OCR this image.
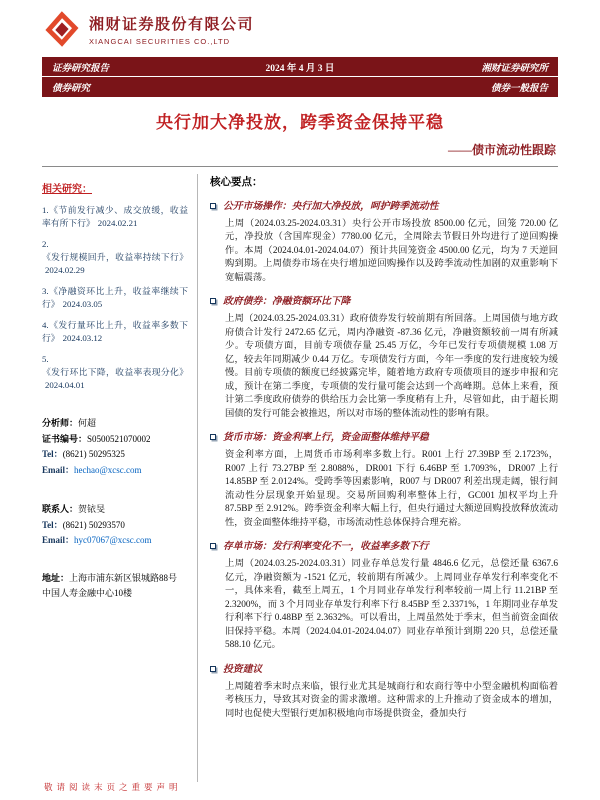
湘财证券股份有限公司
XIANGCAI SECURITIES CO.,LTD
证券研究报告	2024 年 4 月 3 日	湘财证券研究所
债券研究	债券一般报告
央行加大净投放，跨季资金保持平稳
——债市流动性跟踪
相关研究：
1.《节前发行减少、成交放缓，收益率有所下行》 2024.02.21
2.《发行规模回升，收益率持续下行》2024.02.29
3.《净融资环比上升，收益率继续下行》 2024.03.05
4.《发行量环比上升，收益率多数下行》 2024.03.12
5.《发行环比下降，收益率表现分化》2024.04.01
分析师：何超
证书编号：S0500521070002
Tel：(8621) 50295325
Email：hechao@xcsc.com
联系人：贺铱旻
Tel：(8621) 50293570
Email：hyc07067@xcsc.com
地址：上海市浦东新区银城路88号
中国人寿金融中心10楼
核心要点：
公开市场操作：央行加大净投放，呵护跨季流动性

上周（2024.03.25-2024.03.31）央行公开市场投放 8500.00 亿元，回笼 720.00 亿元，净投放（含国库现金）7780.00 亿元，全周除去节假日外均进行了逆回购操作。本周（2024.04.01-2024.04.07）预计共回笼资金 4500.00 亿元，均为 7 天逆回购到期。上周债券市场在央行增加逆回购操作以及跨季流动性加剧的双重影响下宽幅震荡。

政府债券：净融资额环比下降

上周（2024.03.25-2024.03.31）政府债券发行较前期有所回落。上周国债与地方政府债合计发行 2472.65 亿元，周内净融资 -87.36 亿元，净融资额较前一周有所减少。专项债方面，目前专项债存量 25.45 万亿，今年已发行专项债规模 1.08 万亿，较去年同期减少 0.44 万亿。专项债发行方面，今年一季度的发行进度较为缓慢。目前专项债的额度已经披露完毕，随着地方政府专项债项目的逐步申报和完成，预计在第二季度，专项债的发行量可能会达到一个高峰期。总体上来看，预计第二季度政府债券的供给压力会比第一季度稍有上升，尽管如此，由于超长期国债的发行可能会被推迟，所以对市场的整体流动性的影响有限。

货币市场：资金利率上行，资金面整体维持平稳

资金利率方面，上周货币市场利率多数上行。R001 上行 27.39BP 至 2.1723%，R007 上行 73.27BP 至 2.8088%，DR001 下行 6.46BP 至 1.7093%，DR007 上行 14.85BP 至 2.0124%。受跨季等因素影响，R007 与 DR007 利差出现走阔，银行间流动性分层现象开始显现。交易所回购利率整体上行，GC001 加权平均上升 87.5BP 至 2.912%。跨季资金利率大幅上行，但央行通过大额逆回购投放释放流动性，资金面整体维持平稳，市场流动性总体保持合理充裕。

存单市场：发行利率变化不一，收益率多数下行

上周（2024.03.25-2024.03.31）同业存单总发行量 4846.6 亿元，总偿还量 6367.6 亿元，净融资额为 -1521 亿元，较前期有所减少。上周同业存单发行利率变化不一，具体来看，截至上周五，1 个月同业存单发行利率较前一周上行 11.21BP 至 2.3200%，而 3 个月同业存单发行利率下行 8.45BP 至 2.3371%，1 年期同业存单发行利率下行 0.48BP 至 2.3632%。可以看出，上周虽然处于季末，但当前资金面依旧保持平稳。本周（2024.04.01-2024.04.07）同业存单预计到期 220 只，总偿还量 588.10 亿元。

投资建议

上周随着季末时点来临，银行业尤其是城商行和农商行等中小型金融机构面临着考核压力，导致其对资金的需求激增。这种需求的上升推动了资金成本的增加，同时也促使大型银行更加积极地向市场提供资金，叠加央行

敬请阅读末页之重要声明
